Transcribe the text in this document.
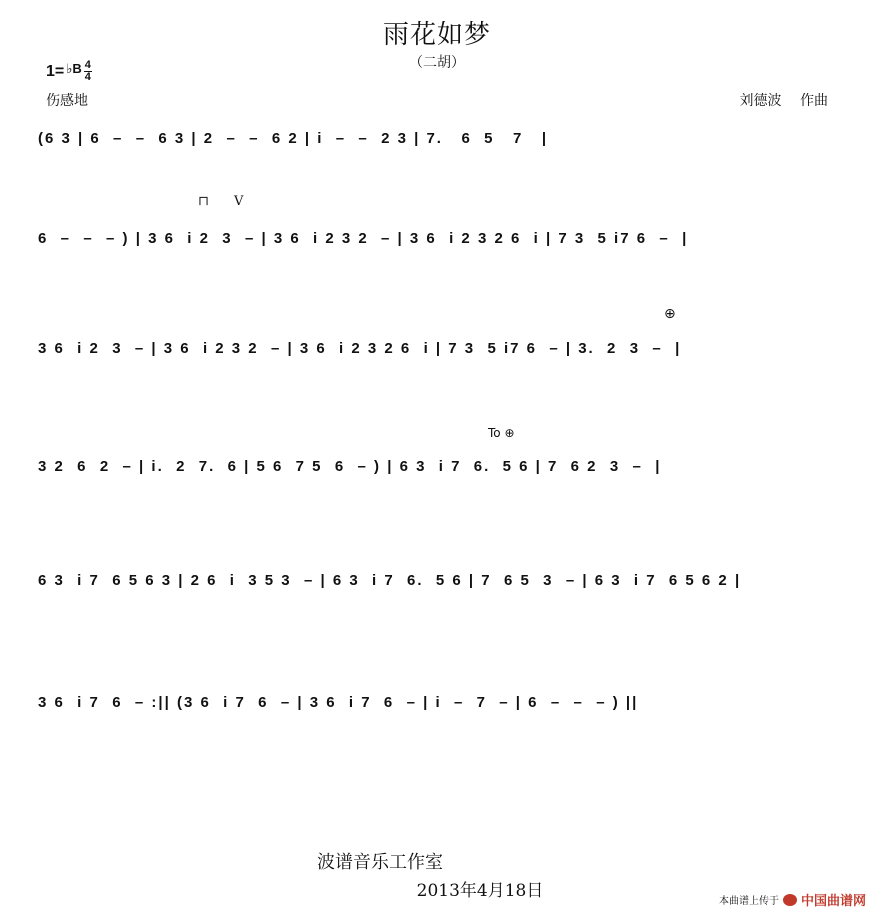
雨花如梦
（二胡）
1= ♭B 4
4
伤感地	刘德波 作曲
(6 3 | 6  –  –  6 3 | 2  –  –  6 2 | i  –  –  2 3 | 7.   6  5   7   |
⊓ V
6  –  –  – ) | 3 6  i 2  3  – | 3 6  i 2 3 2  – | 3 6  i 2 3 2 6  i | 7 3  5 i7 6  –  |
⊕
3 6  i 2  3  – | 3 6  i 2 3 2  – | 3 6  i 2 3 2 6  i | 7 3  5 i7 6  – | 3.  2  3  –  |
To ⊕
3 2  6  2  – | i.  2  7.  6 | 5 6  7 5  6  – ) | 6 3  i 7  6.  5 6 | 7  6 2  3  –  |
6 3  i 7  6 5 6 3 | 2 6  i  3 5 3  – | 6 3  i 7  6.  5 6 | 7  6 5  3  – | 6 3  i 7  6 5 6 2 |
3 6  i 7  6  – :|| (3 6  i 7  6  – | 3 6  i 7  6  – | i  –  7  – | 6  –  –  – ) ||
波谱音乐工作室
2013年4月18日
本曲谱上传于 中国曲谱网
